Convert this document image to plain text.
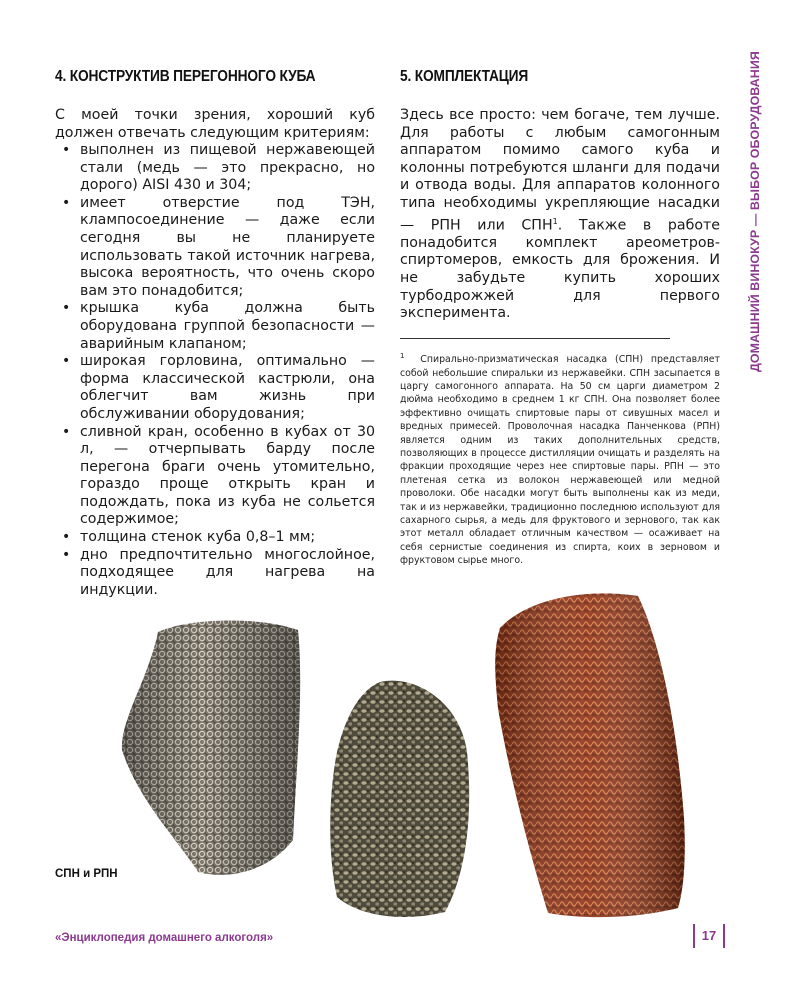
4. КОНСТРУКТИВ ПЕРЕГОННОГО КУБА
С моей точки зрения, хороший куб должен отвечать следующим критериям:
• выполнен из пищевой нержавеющей стали (медь — это прекрасно, но дорого) AISI 430 и 304;
• имеет отверстие под ТЭН, клампосоединение — даже если сегодня вы не планируете использовать такой источник нагрева, высока вероятность, что очень скоро вам это понадобится;
• крышка куба должна быть оборудована группой безопасности — аварийным клапаном;
• широкая горловина, оптимально — форма классической кастрюли, она облегчит вам жизнь при обслуживании оборудования;
• сливной кран, особенно в кубах от 30 л, — отчерпывать барду после перегона браги очень утомительно, гораздо проще открыть кран и подождать, пока из куба не сольется содержимое;
• толщина стенок куба 0,8–1 мм;
• дно предпочтительно многослойное, подходящее для нагрева на индукции.
5. КОМПЛЕКТАЦИЯ
Здесь все просто: чем богаче, тем лучше. Для работы с любым самогонным аппаратом помимо самого куба и колонны потребуются шланги для подачи и отвода воды. Для аппаратов колонного типа необходимы укрепляющие насадки — РПН или СПН$^1$. Также в работе понадобится комплект ареометров-спиртомеров, емкость для брожения. И не забудьте купить хороших турбодрожжей для первого эксперимента.
$^1$ Спирально-призматическая насадка (СПН) представляет собой небольшие спиральки из нержавейки. СПН засыпается в царгу самогонного аппарата. На 50 см царги диаметром 2 дюйма необходимо в среднем 1 кг СПН. Она позволяет более эффективно очищать спиртовые пары от сивушных масел и вредных примесей. Проволочная насадка Панченкова (РПН) является одним из таких дополнительных средств, позволяющих в процессе дистилляции очищать и разделять на фракции проходящие через нее спиртовые пары. РПН — это плетеная сетка из волокон нержавеющей или медной проволоки. Обе насадки могут быть выполнены как из меди, так и из нержавейки, традиционно последнюю используют для сахарного сырья, а медь для фруктового и зернового, так как этот металл обладает отличным качеством — осаживает на себя сернистые соединения из спирта, коих в зерновом и фруктовом сырье много.
ДОМАШНИЙ ВИНОКУР — ВЫБОР ОБОРУДОВАНИЯ
СПН и РПН
«Энциклопедия домашнего алкоголя»	17
